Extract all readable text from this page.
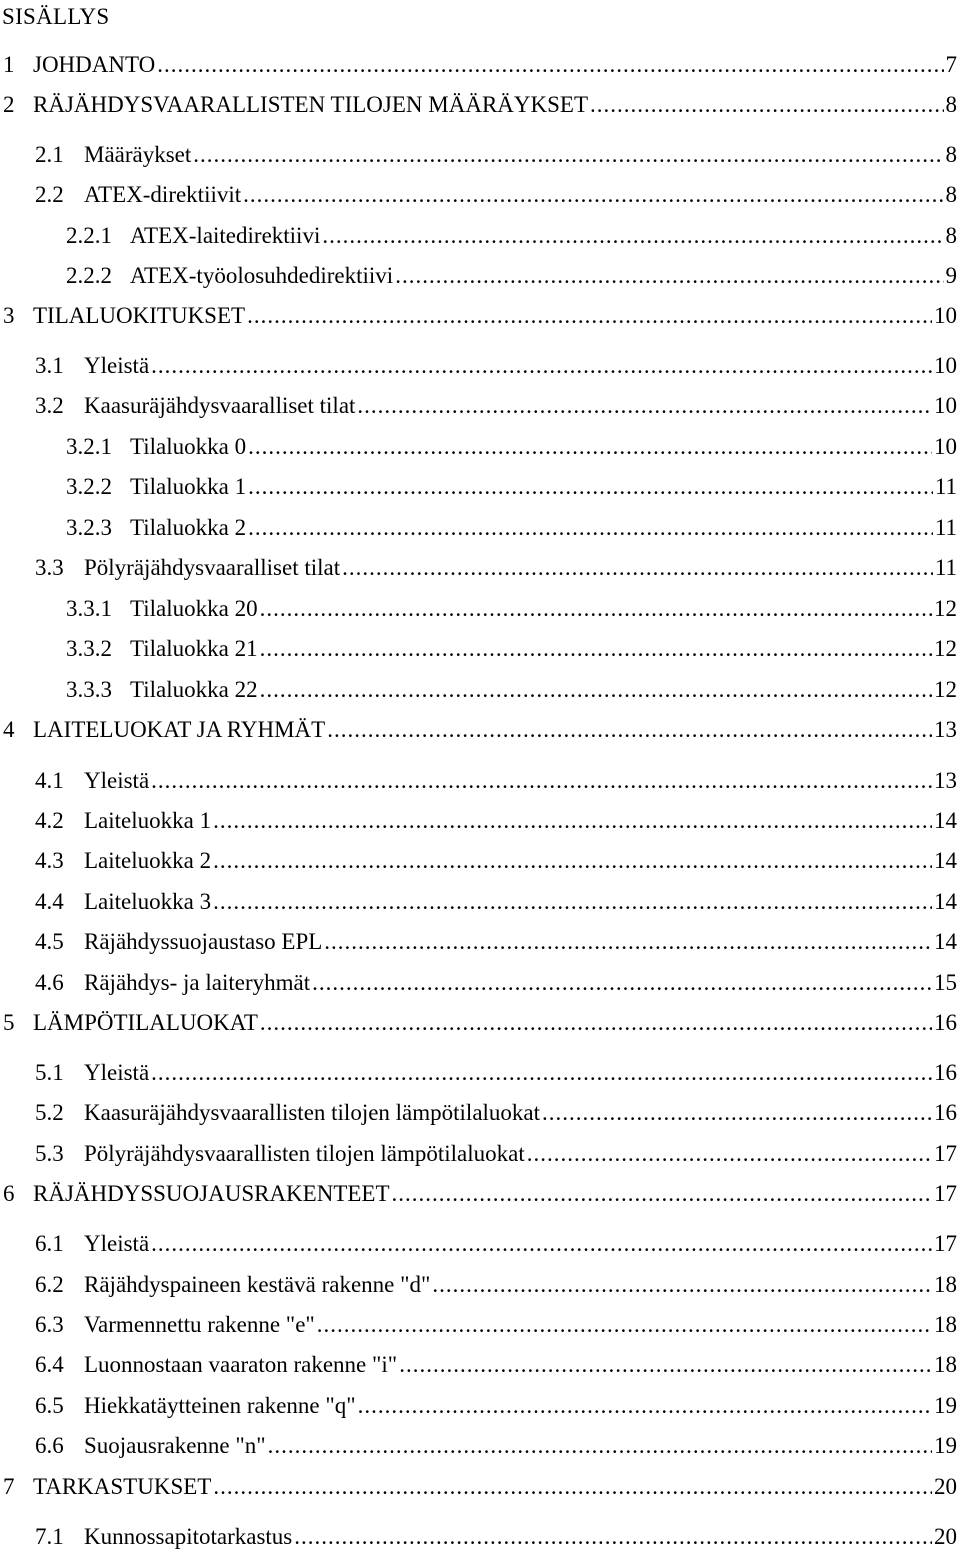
SISÄLLYS
1 JOHDANTO .....	7
2 RÄJÄHDYSVAARALLISTEN TILOJEN MÄÄRÄYKSET .....	8
2.1 Määräykset .....	8
2.2 ATEX-direktiivit .....	8
2.2.1 ATEX-laitedirektiivi .....	8
2.2.2 ATEX-työolosuhdedirektiivi .....	9
3 TILALUOKITUKSET .....	10
3.1 Yleistä .....	10
3.2 Kaasuräjähdysvaaralliset tilat .....	10
3.2.1 Tilaluokka 0 .....	10
3.2.2 Tilaluokka 1 .....	11
3.2.3 Tilaluokka 2 .....	11
3.3 Pölyräjähdysvaaralliset tilat .....	11
3.3.1 Tilaluokka 20 .....	12
3.3.2 Tilaluokka 21 .....	12
3.3.3 Tilaluokka 22 .....	12
4 LAITELUOKAT JA RYHMÄT .....	13
4.1 Yleistä .....	13
4.2 Laiteluokka 1 .....	14
4.3 Laiteluokka 2 .....	14
4.4 Laiteluokka 3 .....	14
4.5 Räjähdyssuojaustaso EPL .....	14
4.6 Räjähdys- ja laiteryhmät .....	15
5 LÄMPÖTILALUOKAT .....	16
5.1 Yleistä .....	16
5.2 Kaasuräjähdysvaarallisten tilojen lämpötilaluokat .....	16
5.3 Pölyräjähdysvaarallisten tilojen lämpötilaluokat .....	17
6 RÄJÄHDYSSUOJAUSRAKENTEET .....	17
6.1 Yleistä .....	17
6.2 Räjähdyspaineen kestävä rakenne "d" .....	18
6.3 Varmennettu rakenne "e" .....	18
6.4 Luonnostaan vaaraton rakenne "i" .....	18
6.5 Hiekkatäytteinen rakenne "q" .....	19
6.6 Suojausrakenne "n" .....	19
7 TARKASTUKSET .....	20
7.1 Kunnossapitotarkastus .....	20
